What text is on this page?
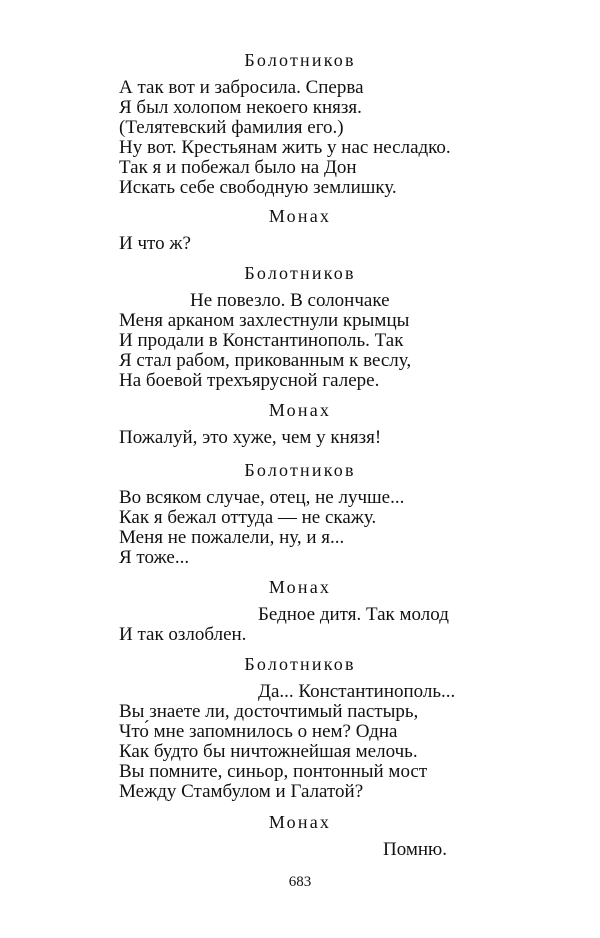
Болотников
А так вот и забросила. Сперва
Я был холопом некоего князя.
(Телятевский фамилия его.)
Ну вот. Крестьянам жить у нас несладко.
Так я и побежал было на Дон
Искать себе свободную землишку.
Монах
И что ж?
Болотников
Не повезло. В солончаке
Меня арканом захлестнули крымцы
И продали в Константинополь. Так
Я стал рабом, прикованным к веслу,
На боевой трехъярусной галере.
Монах
Пожалуй, это хуже, чем у князя!
Болотников
Во всяком случае, отец, не лучше...
Как я бежал оттуда — не скажу.
Меня не пожалели, ну, и я...
Я тоже...
Монах
Бедное дитя. Так молод
И так озлоблен.
Болотников
Да... Константинополь...
Вы знаете ли, досточтимый пастырь,
Что́ мне запомнилось о нем? Одна
Как будто бы ничтожнейшая мелочь.
Вы помните, синьор, понтонный мост
Между Стамбулом и Галатой?
Монах
Помню.
683
